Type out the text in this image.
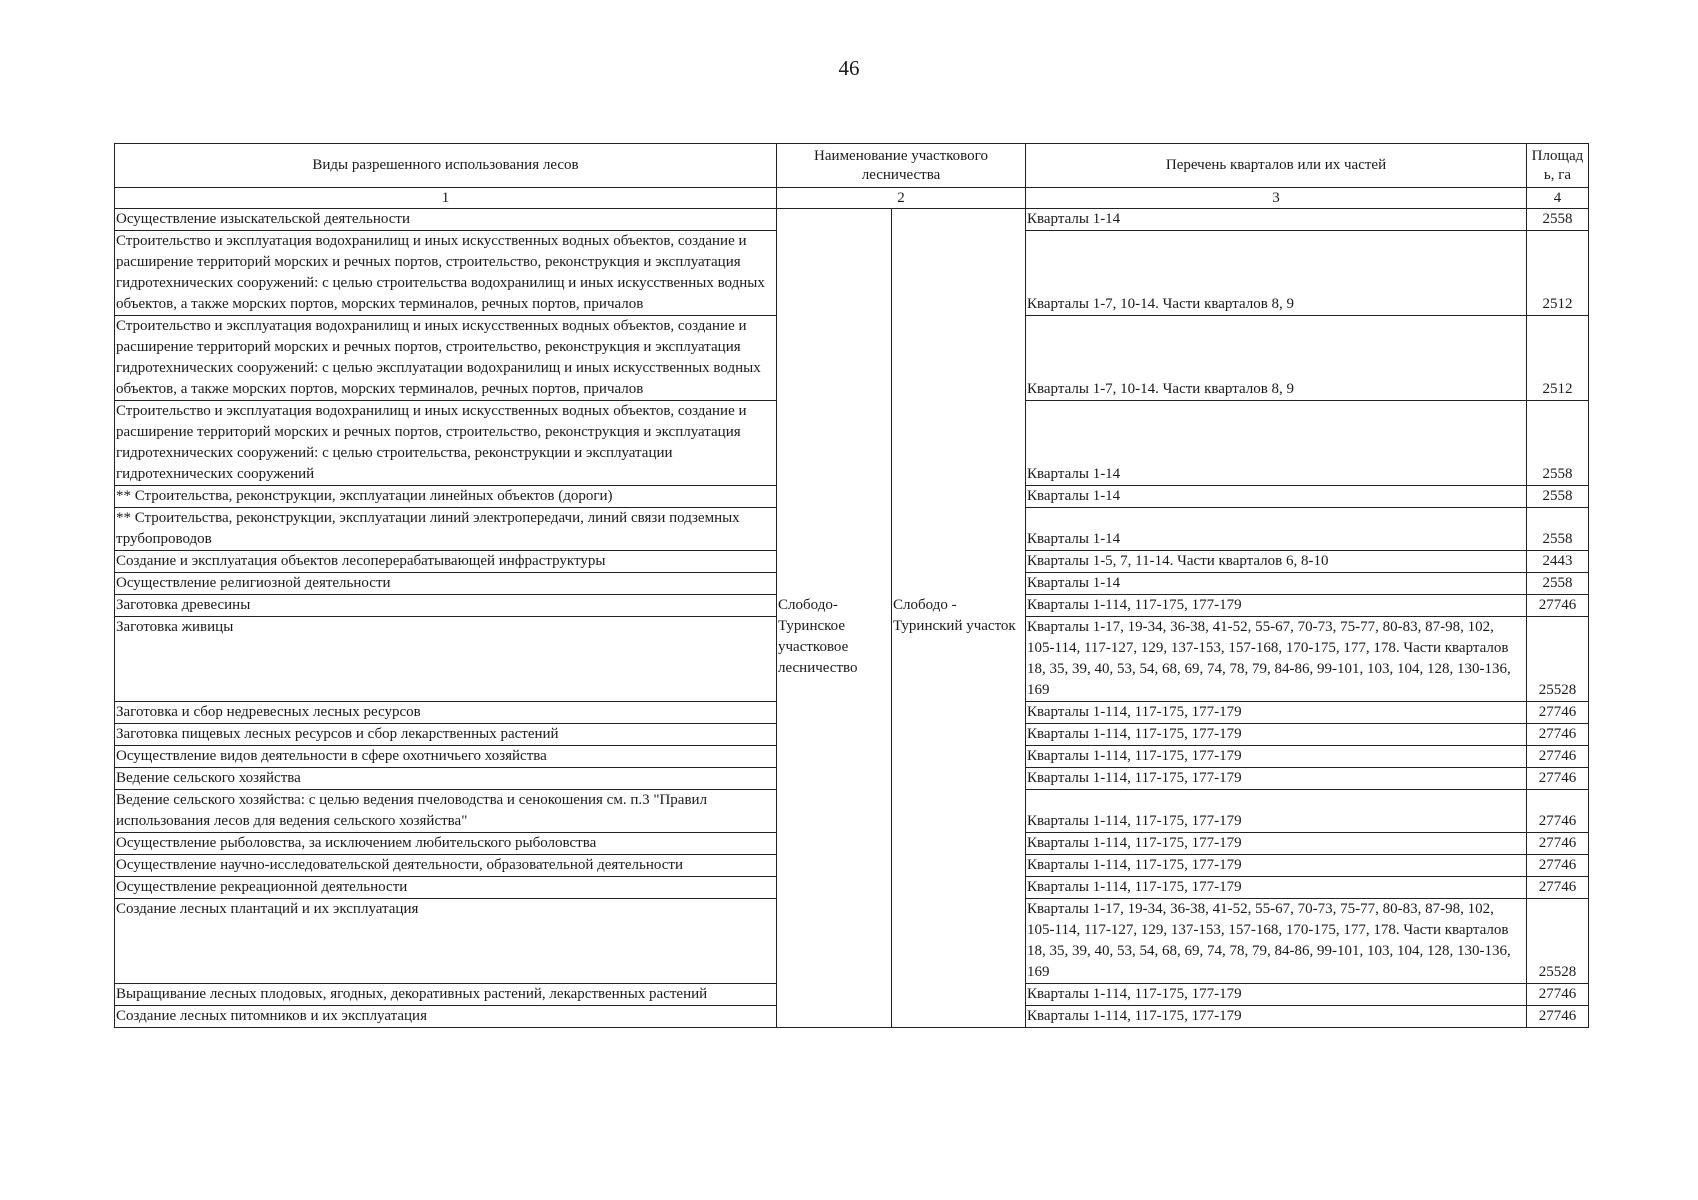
46
Виды разрешенного использования лесов	Наименование участкового лесничества		Перечень кварталов или их частей	Площад ь, га
1	2		3	4
Осуществление изыскательской деятельности			Кварталы 1-14	2558
Строительство и эксплуатация водохранилищ и иных искусственных водных объектов, создание и расширение территорий морских и речных портов, строительство, реконструкция и эксплуатация гидротехнических сооружений: с целью строительства водохранилищ и иных искусственных водных объектов, а также морских портов, морских терминалов, речных портов, причалов			Кварталы 1-7, 10-14. Части кварталов 8, 9	2512
Строительство и эксплуатация водохранилищ и иных искусственных водных объектов, создание и расширение территорий морских и речных портов, строительство, реконструкция и эксплуатация гидротехнических сооружений: с целью эксплуатации водохранилищ и иных искусственных водных объектов, а также морских портов, морских терминалов, речных портов, причалов			Кварталы 1-7, 10-14. Части кварталов 8, 9	2512
Строительство и эксплуатация водохранилищ и иных искусственных водных объектов, создание и расширение территорий морских и речных портов, строительство, реконструкция и эксплуатация гидротехнических сооружений: с целью строительства, реконструкции и эксплуатации гидротехнических сооружений			Кварталы 1-14	2558
** Строительства, реконструкции, эксплуатации линейных объектов (дороги)			Кварталы 1-14	2558
** Строительства, реконструкции, эксплуатации линий электропередачи, линий связи подземных трубопроводов			Кварталы 1-14	2558
Создание и эксплуатация объектов лесоперерабатывающей инфраструктуры			Кварталы 1-5, 7, 11-14. Части кварталов 6, 8-10	2443
Осуществление религиозной деятельности			Кварталы 1-14	2558
Заготовка древесины	Слободо-Туринское участковое лесничество	Слободо - Туринский участок	Кварталы 1-114, 117-175, 177-179	27746
Заготовка живицы			Кварталы 1-17, 19-34, 36-38, 41-52, 55-67, 70-73, 75-77, 80-83, 87-98, 102, 105-114, 117-127, 129, 137-153, 157-168, 170-175, 177, 178. Части кварталов 18, 35, 39, 40, 53, 54, 68, 69, 74, 78, 79, 84-86, 99-101, 103, 104, 128, 130-136, 169	25528
Заготовка и сбор недревесных лесных ресурсов			Кварталы 1-114, 117-175, 177-179	27746
Заготовка пищевых лесных ресурсов и сбор лекарственных растений			Кварталы 1-114, 117-175, 177-179	27746
Осуществление видов деятельности в сфере охотничьего хозяйства			Кварталы 1-114, 117-175, 177-179	27746
Ведение сельского хозяйства			Кварталы 1-114, 117-175, 177-179	27746
Ведение сельского хозяйства: с целью ведения пчеловодства и сенокошения см. п.3 "Правил использования лесов для ведения сельского хозяйства"			Кварталы 1-114, 117-175, 177-179	27746
Осуществление рыболовства, за исключением любительского рыболовства			Кварталы 1-114, 117-175, 177-179	27746
Осуществление научно-исследовательской деятельности, образовательной деятельности			Кварталы 1-114, 117-175, 177-179	27746
Осуществление рекреационной деятельности			Кварталы 1-114, 117-175, 177-179	27746
Создание лесных плантаций и их эксплуатация			Кварталы 1-17, 19-34, 36-38, 41-52, 55-67, 70-73, 75-77, 80-83, 87-98, 102, 105-114, 117-127, 129, 137-153, 157-168, 170-175, 177, 178. Части кварталов 18, 35, 39, 40, 53, 54, 68, 69, 74, 78, 79, 84-86, 99-101, 103, 104, 128, 130-136, 169	25528
Выращивание лесных плодовых, ягодных, декоративных растений, лекарственных растений			Кварталы 1-114, 117-175, 177-179	27746
Создание лесных питомников и их эксплуатация			Кварталы 1-114, 117-175, 177-179	27746
